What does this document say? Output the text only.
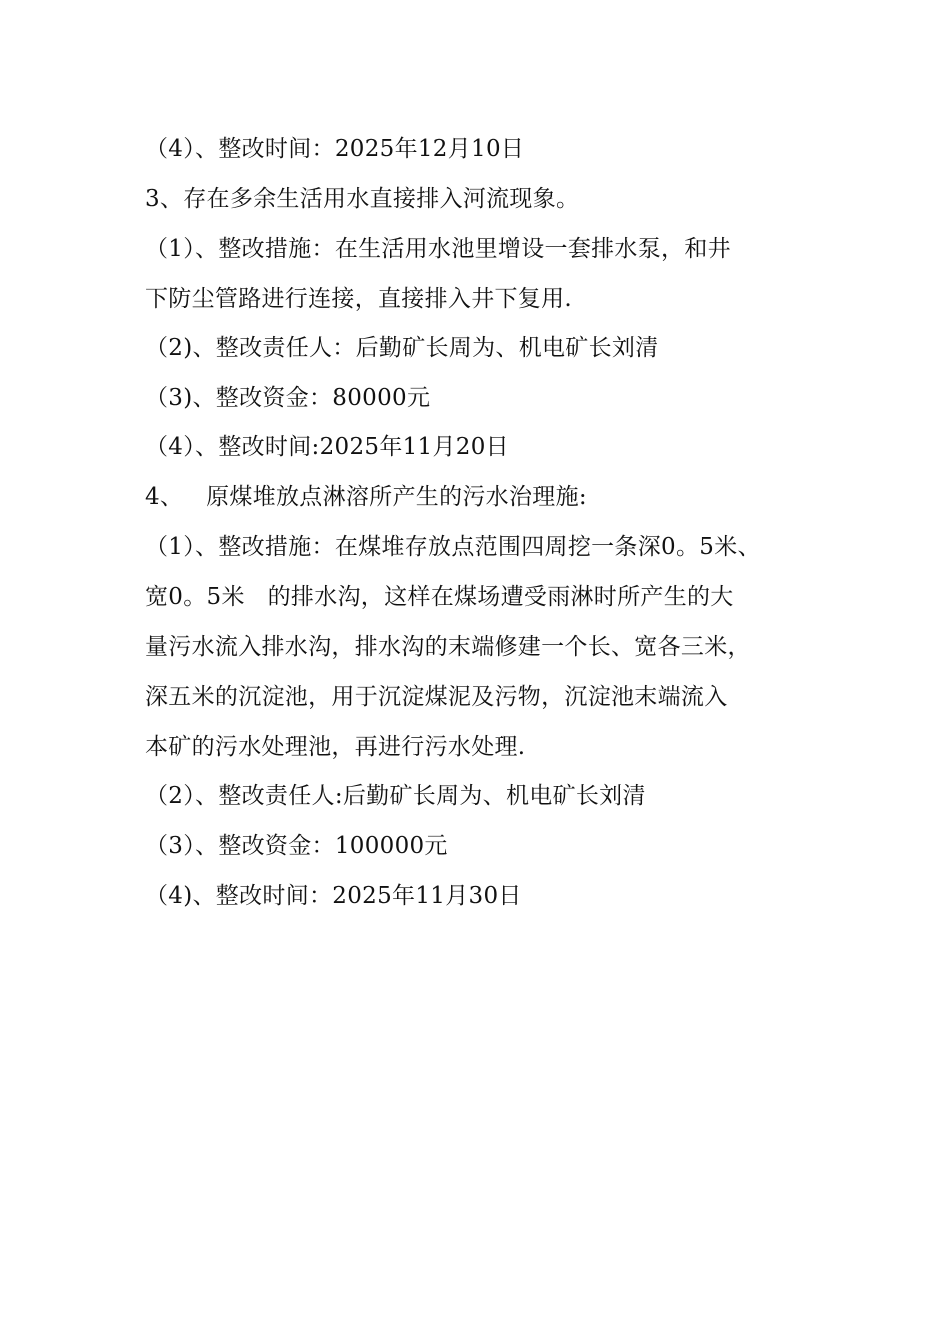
（4）、整改时间：2025年12月10日
3、存在多余生活用水直接排入河流现象。
（1）、整改措施：在生活用水池里增设一套排水泵，和井
下防尘管路进行连接，直接排入井下复用.
（2)、整改责任人：后勤矿长周为、机电矿长刘清
（3)、整改资金：80000元
（4）、整改时间:2025年11月20日
4、   原煤堆放点淋溶所产生的污水治理施:
（1）、整改措施：在煤堆存放点范围四周挖一条深0。5米、
宽0。5米   的排水沟，这样在煤场遭受雨淋时所产生的大
量污水流入排水沟，排水沟的末端修建一个长、宽各三米，
深五米的沉淀池，用于沉淀煤泥及污物，沉淀池末端流入
本矿的污水处理池，再进行污水处理.
（2）、整改责任人:后勤矿长周为、机电矿长刘清
（3）、整改资金：100000元
（4)、整改时间：2025年11月30日
